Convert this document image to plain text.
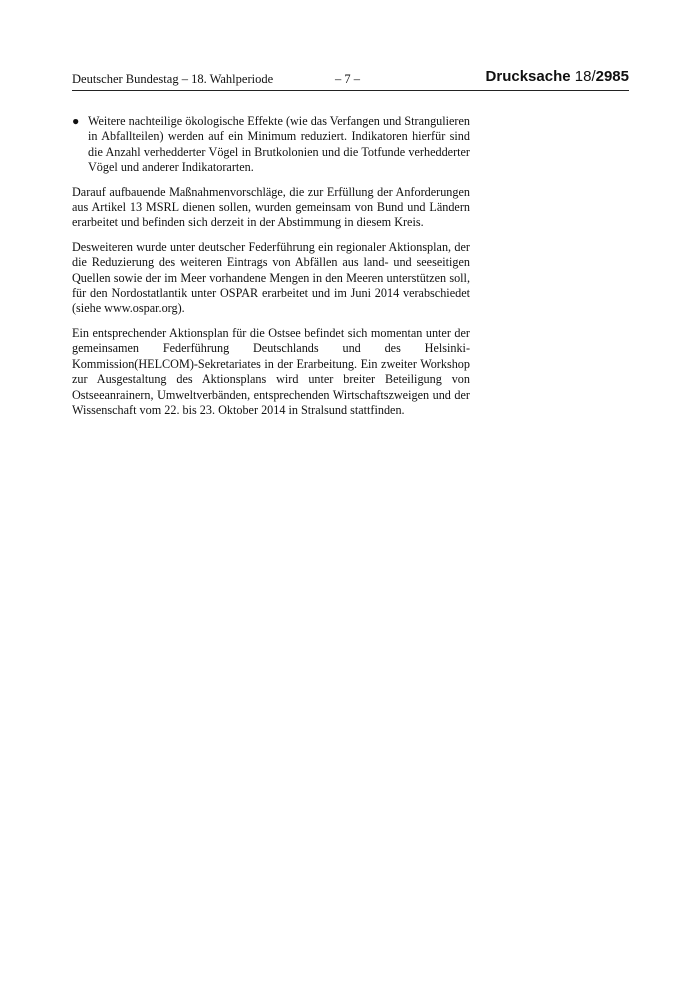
Deutscher Bundestag – 18. Wahlperiode	– 7 –	Drucksache 18/2985
● Weitere nachteilige ökologische Effekte (wie das Verfangen und Strangulieren in Abfallteilen) werden auf ein Minimum reduziert. Indikatoren hierfür sind die Anzahl verhedderter Vögel in Brutkolonien und die Totfunde verhedderter Vögel und anderer Indikatorarten.

Darauf aufbauende Maßnahmenvorschläge, die zur Erfüllung der Anforderungen aus Artikel 13 MSRL dienen sollen, wurden gemeinsam von Bund und Ländern erarbeitet und befinden sich derzeit in der Abstimmung in diesem Kreis.

Desweiteren wurde unter deutscher Federführung ein regionaler Aktionsplan, der die Reduzierung des weiteren Eintrags von Abfällen aus land- und seeseitigen Quellen sowie der im Meer vorhandene Mengen in den Meeren unterstützen soll, für den Nordostatlantik unter OSPAR erarbeitet und im Juni 2014 verabschiedet (siehe www.ospar.org).

Ein entsprechender Aktionsplan für die Ostsee befindet sich momentan unter der gemeinsamen Federführung Deutschlands und des Helsinki-Kommission(HELCOM)-Sekretariates in der Erarbeitung. Ein zweiter Workshop zur Ausgestaltung des Aktionsplans wird unter breiter Beteiligung von Ostseeanrainern, Umweltverbänden, entsprechenden Wirtschaftszweigen und der Wissenschaft vom 22. bis 23. Oktober 2014 in Stralsund stattfinden.
